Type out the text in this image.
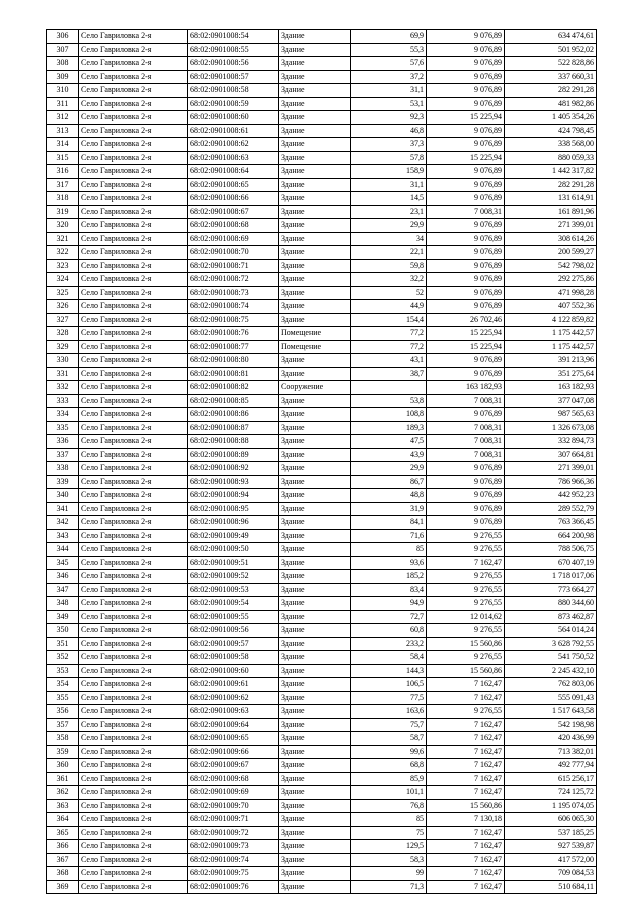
306	Село Гавриловка 2-я	68:02:0901008:54	Здание	69,9	9 076,89	634 474,61
307	Село Гавриловка 2-я	68:02:0901008:55	Здание	55,3	9 076,89	501 952,02
308	Село Гавриловка 2-я	68:02:0901008:56	Здание	57,6	9 076,89	522 828,86
309	Село Гавриловка 2-я	68:02:0901008:57	Здание	37,2	9 076,89	337 660,31
310	Село Гавриловка 2-я	68:02:0901008:58	Здание	31,1	9 076,89	282 291,28
311	Село Гавриловка 2-я	68:02:0901008:59	Здание	53,1	9 076,89	481 982,86
312	Село Гавриловка 2-я	68:02:0901008:60	Здание	92,3	15 225,94	1 405 354,26
313	Село Гавриловка 2-я	68:02:0901008:61	Здание	46,8	9 076,89	424 798,45
314	Село Гавриловка 2-я	68:02:0901008:62	Здание	37,3	9 076,89	338 568,00
315	Село Гавриловка 2-я	68:02:0901008:63	Здание	57,8	15 225,94	880 059,33
316	Село Гавриловка 2-я	68:02:0901008:64	Здание	158,9	9 076,89	1 442 317,82
317	Село Гавриловка 2-я	68:02:0901008:65	Здание	31,1	9 076,89	282 291,28
318	Село Гавриловка 2-я	68:02:0901008:66	Здание	14,5	9 076,89	131 614,91
319	Село Гавриловка 2-я	68:02:0901008:67	Здание	23,1	7 008,31	161 891,96
320	Село Гавриловка 2-я	68:02:0901008:68	Здание	29,9	9 076,89	271 399,01
321	Село Гавриловка 2-я	68:02:0901008:69	Здание	34	9 076,89	308 614,26
322	Село Гавриловка 2-я	68:02:0901008:70	Здание	22,1	9 076,89	200 599,27
323	Село Гавриловка 2-я	68:02:0901008:71	Здание	59,8	9 076,89	542 798,02
324	Село Гавриловка 2-я	68:02:0901008:72	Здание	32,2	9 076,89	292 275,86
325	Село Гавриловка 2-я	68:02:0901008:73	Здание	52	9 076,89	471 998,28
326	Село Гавриловка 2-я	68:02:0901008:74	Здание	44,9	9 076,89	407 552,36
327	Село Гавриловка 2-я	68:02:0901008:75	Здание	154,4	26 702,46	4 122 859,82
328	Село Гавриловка 2-я	68:02:0901008:76	Помещение	77,2	15 225,94	1 175 442,57
329	Село Гавриловка 2-я	68:02:0901008:77	Помещение	77,2	15 225,94	1 175 442,57
330	Село Гавриловка 2-я	68:02:0901008:80	Здание	43,1	9 076,89	391 213,96
331	Село Гавриловка 2-я	68:02:0901008:81	Здание	38,7	9 076,89	351 275,64
332	Село Гавриловка 2-я	68:02:0901008:82	Сооружение		163 182,93	163 182,93
333	Село Гавриловка 2-я	68:02:0901008:85	Здание	53,8	7 008,31	377 047,08
334	Село Гавриловка 2-я	68:02:0901008:86	Здание	108,8	9 076,89	987 565,63
335	Село Гавриловка 2-я	68:02:0901008:87	Здание	189,3	7 008,31	1 326 673,08
336	Село Гавриловка 2-я	68:02:0901008:88	Здание	47,5	7 008,31	332 894,73
337	Село Гавриловка 2-я	68:02:0901008:89	Здание	43,9	7 008,31	307 664,81
338	Село Гавриловка 2-я	68:02:0901008:92	Здание	29,9	9 076,89	271 399,01
339	Село Гавриловка 2-я	68:02:0901008:93	Здание	86,7	9 076,89	786 966,36
340	Село Гавриловка 2-я	68:02:0901008:94	Здание	48,8	9 076,89	442 952,23
341	Село Гавриловка 2-я	68:02:0901008:95	Здание	31,9	9 076,89	289 552,79
342	Село Гавриловка 2-я	68:02:0901008:96	Здание	84,1	9 076,89	763 366,45
343	Село Гавриловка 2-я	68:02:0901009:49	Здание	71,6	9 276,55	664 200,98
344	Село Гавриловка 2-я	68:02:0901009:50	Здание	85	9 276,55	788 506,75
345	Село Гавриловка 2-я	68:02:0901009:51	Здание	93,6	7 162,47	670 407,19
346	Село Гавриловка 2-я	68:02:0901009:52	Здание	185,2	9 276,55	1 718 017,06
347	Село Гавриловка 2-я	68:02:0901009:53	Здание	83,4	9 276,55	773 664,27
348	Село Гавриловка 2-я	68:02:0901009:54	Здание	94,9	9 276,55	880 344,60
349	Село Гавриловка 2-я	68:02:0901009:55	Здание	72,7	12 014,62	873 462,87
350	Село Гавриловка 2-я	68:02:0901009:56	Здание	60,8	9 276,55	564 014,24
351	Село Гавриловка 2-я	68:02:0901009:57	Здание	233,2	15 560,86	3 628 792,55
352	Село Гавриловка 2-я	68:02:0901009:58	Здание	58,4	9 276,55	541 750,52
353	Село Гавриловка 2-я	68:02:0901009:60	Здание	144,3	15 560,86	2 245 432,10
354	Село Гавриловка 2-я	68:02:0901009:61	Здание	106,5	7 162,47	762 803,06
355	Село Гавриловка 2-я	68:02:0901009:62	Здание	77,5	7 162,47	555 091,43
356	Село Гавриловка 2-я	68:02:0901009:63	Здание	163,6	9 276,55	1 517 643,58
357	Село Гавриловка 2-я	68:02:0901009:64	Здание	75,7	7 162,47	542 198,98
358	Село Гавриловка 2-я	68:02:0901009:65	Здание	58,7	7 162,47	420 436,99
359	Село Гавриловка 2-я	68:02:0901009:66	Здание	99,6	7 162,47	713 382,01
360	Село Гавриловка 2-я	68:02:0901009:67	Здание	68,8	7 162,47	492 777,94
361	Село Гавриловка 2-я	68:02:0901009:68	Здание	85,9	7 162,47	615 256,17
362	Село Гавриловка 2-я	68:02:0901009:69	Здание	101,1	7 162,47	724 125,72
363	Село Гавриловка 2-я	68:02:0901009:70	Здание	76,8	15 560,86	1 195 074,05
364	Село Гавриловка 2-я	68:02:0901009:71	Здание	85	7 130,18	606 065,30
365	Село Гавриловка 2-я	68:02:0901009:72	Здание	75	7 162,47	537 185,25
366	Село Гавриловка 2-я	68:02:0901009:73	Здание	129,5	7 162,47	927 539,87
367	Село Гавриловка 2-я	68:02:0901009:74	Здание	58,3	7 162,47	417 572,00
368	Село Гавриловка 2-я	68:02:0901009:75	Здание	99	7 162,47	709 084,53
369	Село Гавриловка 2-я	68:02:0901009:76	Здание	71,3	7 162,47	510 684,11
